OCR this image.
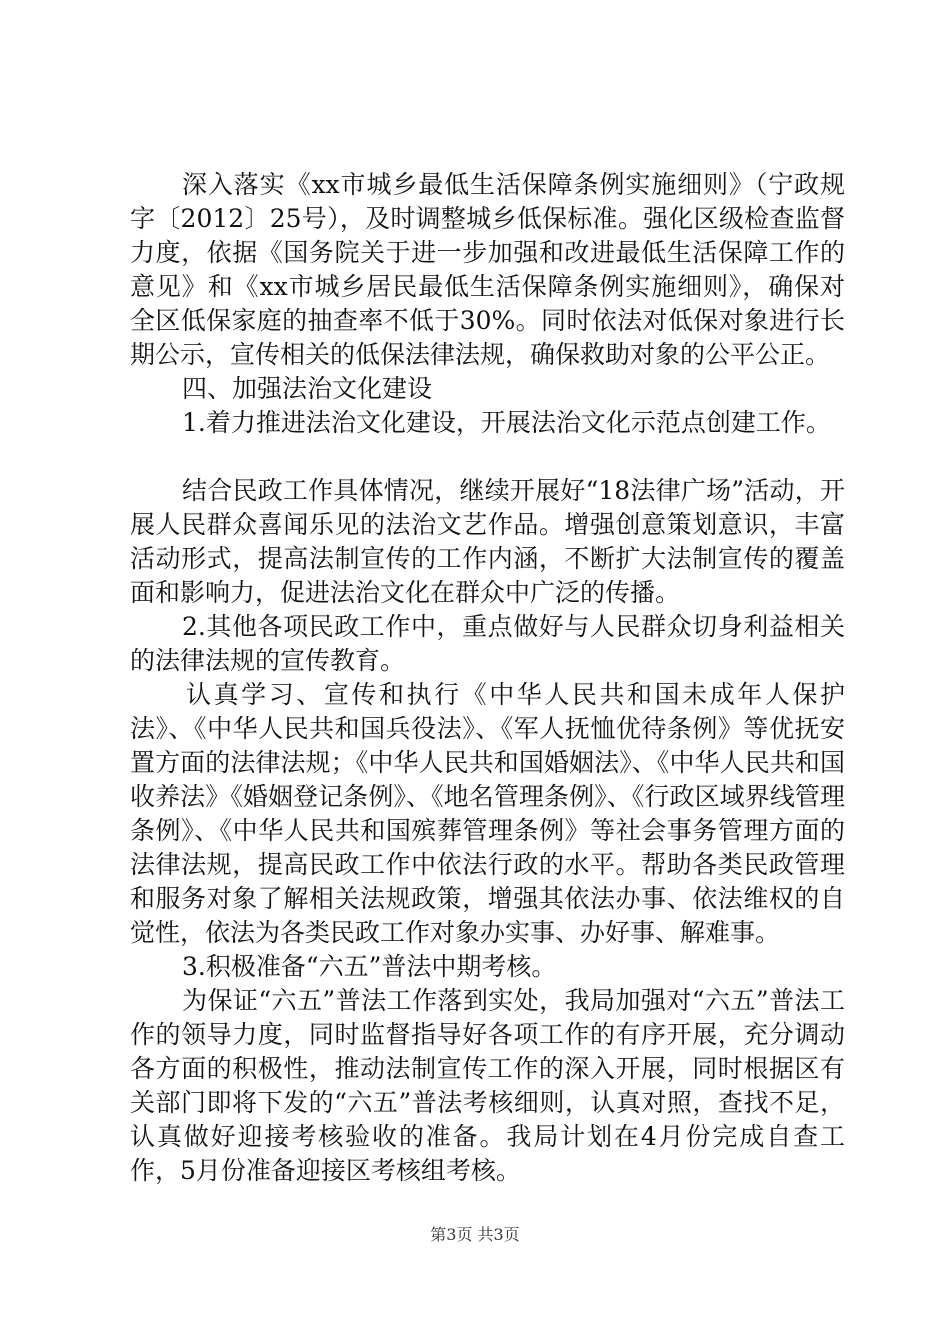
深入落实《xx市城乡最低生活保障条例实施细则》（宁政规字〔2012〕25号），及时调整城乡低保标准。强化区级检查监督力度，依据《国务院关于进一步加强和改进最低生活保障工作的意见》和《xx市城乡居民最低生活保障条例实施细则》，确保对全区低保家庭的抽查率不低于30%。同时依法对低保对象进行长期公示，宣传相关的低保法律法规，确保救助对象的公平公正。

四、加强法治文化建设

1.着力推进法治文化建设，开展法治文化示范点创建工作。

结合民政工作具体情况，继续开展好“18法律广场”活动，开展人民群众喜闻乐见的法治文艺作品。增强创意策划意识，丰富活动形式，提高法制宣传的工作内涵，不断扩大法制宣传的覆盖面和影响力，促进法治文化在群众中广泛的传播。

2.其他各项民政工作中，重点做好与人民群众切身利益相关的法律法规的宣传教育。

认真学习、宣传和执行《中华人民共和国未成年人保护法》、《中华人民共和国兵役法》、《军人抚恤优待条例》等优抚安置方面的法律法规；《中华人民共和国婚姻法》、《中华人民共和国收养法》《婚姻登记条例》、《地名管理条例》、《行政区域界线管理条例》、《中华人民共和国殡葬管理条例》等社会事务管理方面的法律法规，提高民政工作中依法行政的水平。帮助各类民政管理和服务对象了解相关法规政策，增强其依法办事、依法维权的自觉性，依法为各类民政工作对象办实事、办好事、解难事。

3.积极准备“六五”普法中期考核。

为保证“六五”普法工作落到实处，我局加强对“六五”普法工作的领导力度，同时监督指导好各项工作的有序开展，充分调动各方面的积极性，推动法制宣传工作的深入开展，同时根据区有关部门即将下发的“六五”普法考核细则，认真对照，查找不足，认真做好迎接考核验收的准备。我局计划在4月份完成自查工作，5月份准备迎接区考核组考核。

第3页 共3页
